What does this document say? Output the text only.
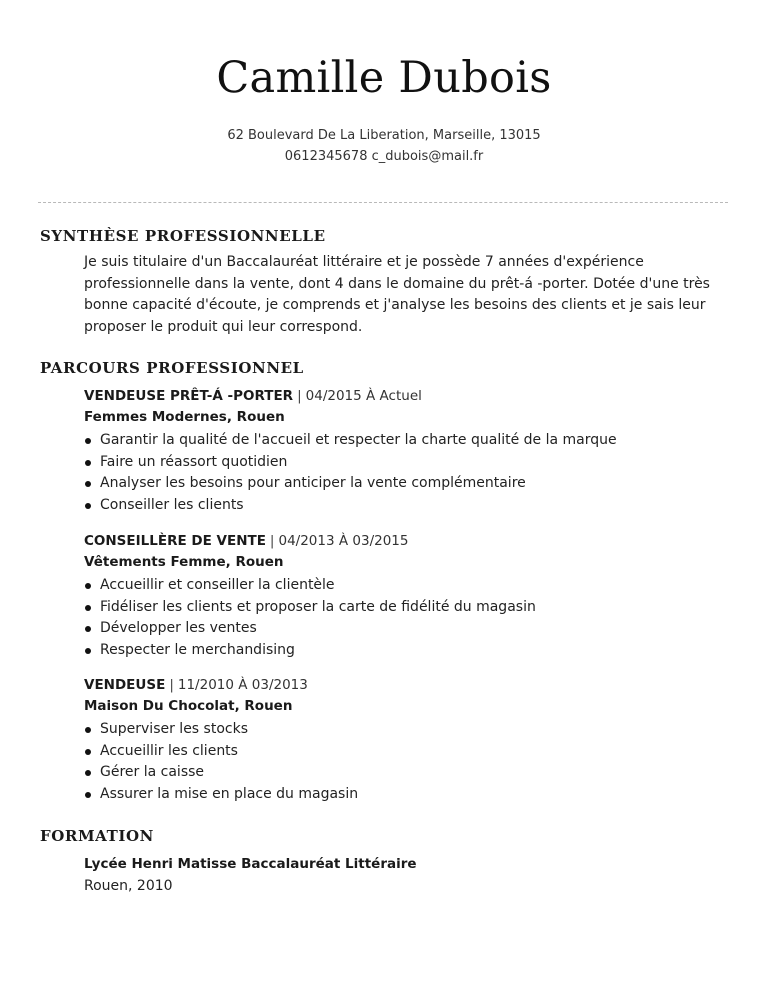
Camille Dubois
62 Boulevard De La Liberation, Marseille, 13015
0612345678 c_dubois@mail.fr
SYNTHÈSE PROFESSIONNELLE
Je suis titulaire d'un Baccalauréat littéraire et je possède 7 années d'expérience professionnelle dans la vente, dont 4 dans le domaine du prêt-á -porter. Dotée d'une très bonne capacité d'écoute, je comprends et j'analyse les besoins des clients et je sais leur proposer le produit qui leur correspond.
PARCOURS PROFESSIONNEL
VENDEUSE PRÊT-Á -PORTER | 04/2015 À Actuel
Femmes Modernes, Rouen
Garantir la qualité de l'accueil et respecter la charte qualité de la marque
Faire un réassort quotidien
Analyser les besoins pour anticiper la vente complémentaire
Conseiller les clients
CONSEILLÈRE DE VENTE | 04/2013 À 03/2015
Vêtements Femme, Rouen
Accueillir et conseiller la clientèle
Fidéliser les clients et proposer la carte de fidélité du magasin
Développer les ventes
Respecter le merchandising
VENDEUSE | 11/2010 À 03/2013
Maison Du Chocolat, Rouen
Superviser les stocks
Accueillir les clients
Gérer la caisse
Assurer la mise en place du magasin
FORMATION
Lycée Henri Matisse Baccalauréat Littéraire
Rouen, 2010
